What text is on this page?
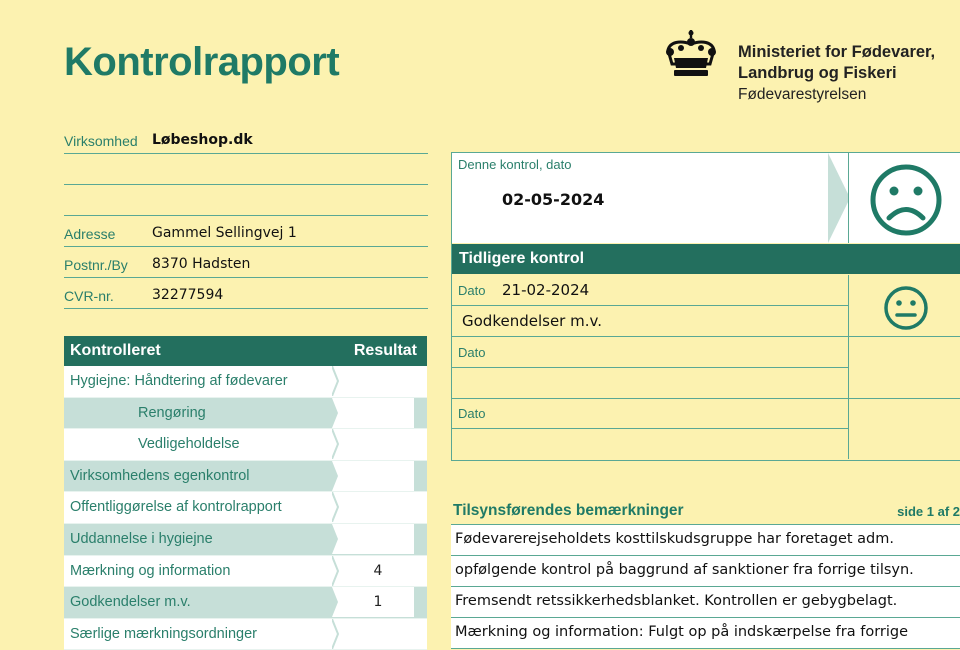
Kontrolrapport	Ministeriet for Fødevarer,
Landbrug og Fiskeri
Fødevarestyrelsen
Virksomhed Løbeshop.dk
Adresse	Gammel Sellingvej 1
Postnr./By 8370 Hadsten
CVR-nr.	32277594
Kontrolleret	Resultat
Hygiejne: Håndtering af fødevarer
Rengøring
Vedligeholdelse
Virksomhedens egenkontrol
Offentliggørelse af kontrolrapport
Uddannelse i hygiejne
Mærkning og information	4
Godkendelser m.v.	1
Særlige mærkningsordninger
Denne kontrol, dato
02-05-2024
Tidligere kontrol
Dato 21-02-2024
Godkendelser m.v.
Dato
Dato
Tilsynsførendes bemærkninger	side 1 af 2
Fødevarerejseholdets kosttilskudsgruppe har foretaget adm.
opfølgende kontrol på baggrund af sanktioner fra forrige tilsyn.
Fremsendt retssikkerhedsblanket. Kontrollen er gebygbelagt.
Mærkning og information: Fulgt op på indskærpelse fra forrige
